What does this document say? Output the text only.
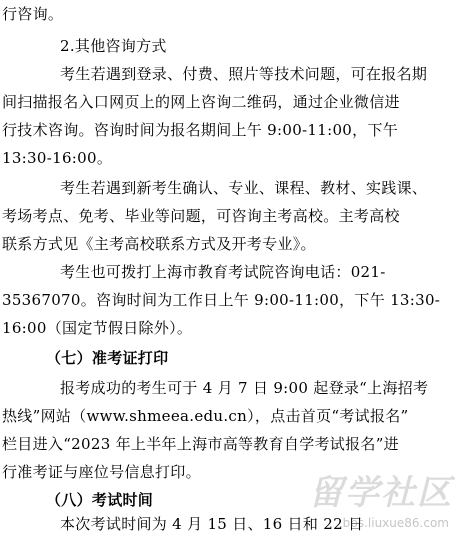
行咨询。
2.其他咨询方式
考生若遇到登录、付费、照片等技术问题，可在报名期
间扫描报名入口网页上的网上咨询二维码，通过企业微信进
行技术咨询。咨询时间为报名期间上午 9:00-11:00，下午
13:30-16:00。
考生若遇到新考生确认、专业、课程、教材、实践课、
考场考点、免考、毕业等问题，可咨询主考高校。主考高校
联系方式见《主考高校联系方式及开考专业》。
考生也可拨打上海市教育考试院咨询电话：021-
35367070。咨询时间为工作日上午 9:00-11:00，下午 13:30-
16:00（国定节假日除外）。
（七）准考证打印
报考成功的考生可于 4 月 7 日 9:00 起登录“上海招考
热线”网站（www.shmeea.edu.cn），点击首页“考试报名”
栏目进入“2023 年上半年上海市高等教育自学考试报名”进
行准考证与座位号信息打印。
（八）考试时间
本次考试时间为 4 月 15 日、16 日和 22 日
留学社区
bbs.liuxue86.com
